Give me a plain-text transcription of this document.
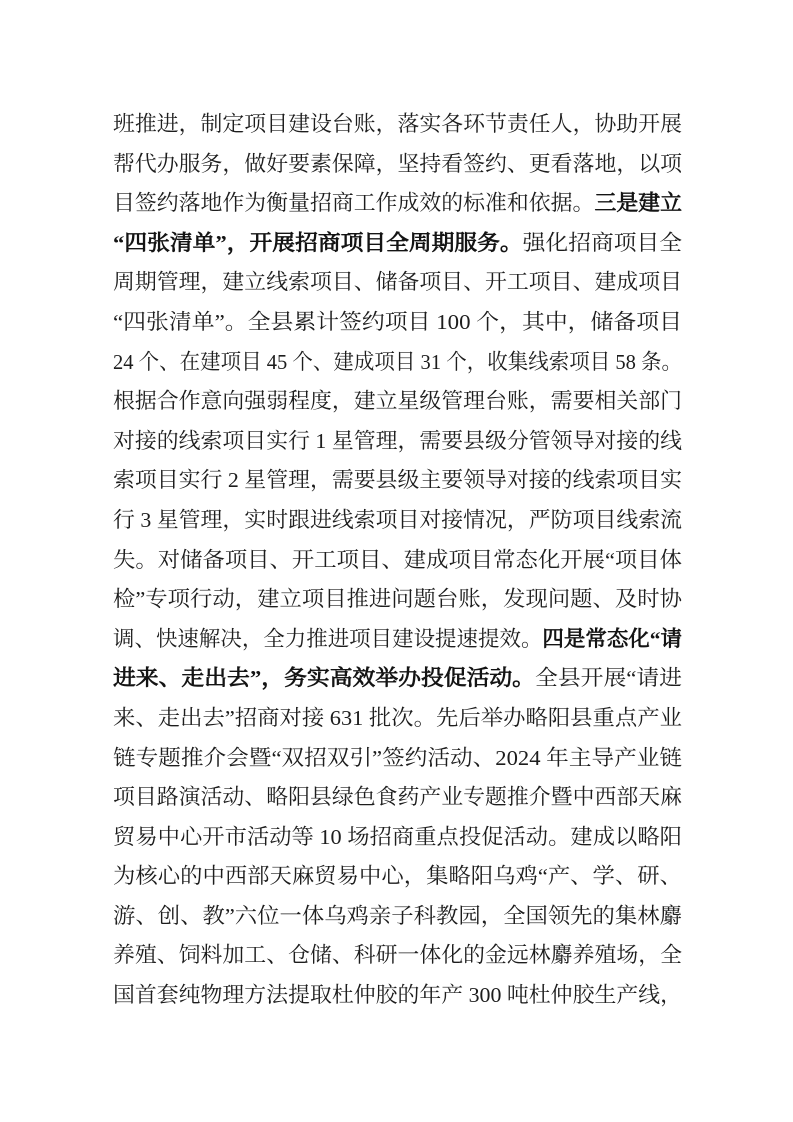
班推进，制定项目建设台账，落实各环节责任人，协助开展
帮代办服务，做好要素保障，坚持看签约、更看落地，以项
目签约落地作为衡量招商工作成效的标准和依据。三是建立
“四张清单”，开展招商项目全周期服务。强化招商项目全
周期管理，建立线索项目、储备项目、开工项目、建成项目
“四张清单”。全县累计签约项目 100 个，其中，储备项目
24 个、在建项目 45 个、建成项目 31 个，收集线索项目 58 条。
根据合作意向强弱程度，建立星级管理台账，需要相关部门
对接的线索项目实行 1 星管理，需要县级分管领导对接的线
索项目实行 2 星管理，需要县级主要领导对接的线索项目实
行 3 星管理，实时跟进线索项目对接情况，严防项目线索流
失。对储备项目、开工项目、建成项目常态化开展“项目体
检”专项行动，建立项目推进问题台账，发现问题、及时协
调、快速解决，全力推进项目建设提速提效。四是常态化“请
进来、走出去”，务实高效举办投促活动。全县开展“请进
来、走出去”招商对接 631 批次。先后举办略阳县重点产业
链专题推介会暨“双招双引”签约活动、2024 年主导产业链
项目路演活动、略阳县绿色食药产业专题推介暨中西部天麻
贸易中心开市活动等 10 场招商重点投促活动。建成以略阳
为核心的中西部天麻贸易中心，集略阳乌鸡“产、学、研、
游、创、教”六位一体乌鸡亲子科教园，全国领先的集林麝
养殖、饲料加工、仓储、科研一体化的金远林麝养殖场，全
国首套纯物理方法提取杜仲胶的年产 300 吨杜仲胶生产线，
